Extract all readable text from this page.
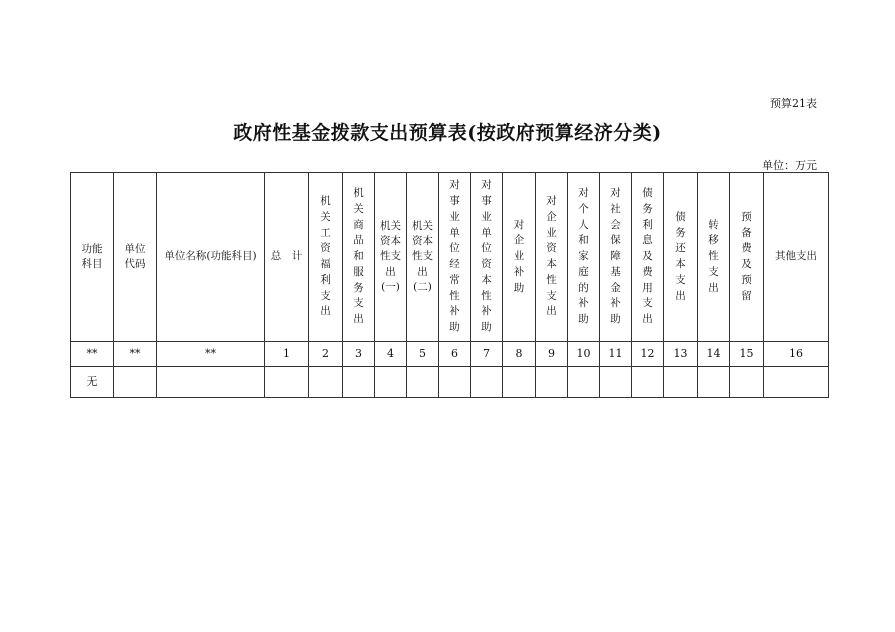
预算21表
政府性基金拨款支出预算表(按政府预算经济分类)
单位：万元
功能科目	单位代码	单位名称(功能科目)	总　计	机关工资福利支出	机关商品和服务支出	机关资本性支出(一)	机关资本性支出(二)	对事业单位经常性补助	对事业单位资本性补助	对企业补助	对企业资本性支出	对个人和家庭的补助	对社会保障基金补助	债务利息及费用支出	债务还本支出	转移性支出	预备费及预留	其他支出
**	**	**	1	2	3	4	5	6	7	8	9	10	11	12	13	14	15	16
无																		
